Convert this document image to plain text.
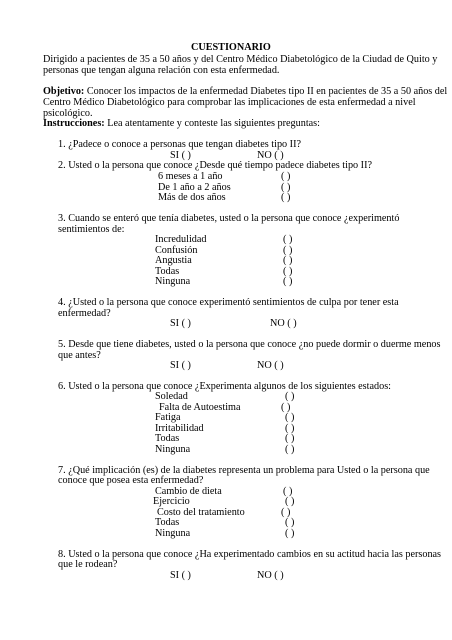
CUESTIONARIO
Dirigido a pacientes de 35 a 50 años y del Centro Médico Diabetológico de la Ciudad de Quito y
personas que tengan alguna relación con esta enfermedad.
Objetivo: Conocer los impactos de la enfermedad Diabetes tipo II en pacientes de 35 a 50 años del
Centro Médico Diabetológico para comprobar las implicaciones de esta enfermedad a nivel
psicológico.
Instrucciones: Lea atentamente y conteste las siguientes preguntas:
1. ¿Padece o conoce a personas que tengan diabetes tipo II?
SI ( )	NO ( )
2. Usted o la persona que conoce ¿Desde qué tiempo padece diabetes tipo II?
6 meses a 1 año	( )
De 1 año a 2 años	( )
Más de dos años	( )
3. Cuando se enteró que tenía diabetes, usted o la persona que conoce ¿experimentó
sentimientos de:
Incredulidad	( )
Confusión	( )
Angustia	( )
Todas	( )
Ninguna	( )
4. ¿Usted o la persona que conoce experimentó sentimientos de culpa por tener esta
enfermedad?
SI ( )	NO ( )
5. Desde que tiene diabetes, usted o la persona que conoce ¿no puede dormir o duerme menos
que antes?
SI ( )	NO ( )
6. Usted o la persona que conoce ¿Experimenta algunos de los siguientes estados:
Soledad	( )
Falta de Autoestima	( )
Fatiga	( )
Irritabilidad	( )
Todas	( )
Ninguna	( )
7. ¿Qué implicación (es) de la diabetes representa un problema para Usted o la persona que
conoce que posea esta enfermedad?
Cambio de dieta	( )
Ejercicio	( )
Costo del tratamiento	( )
Todas	( )
Ninguna	( )
8. Usted o la persona que conoce ¿Ha experimentado cambios en su actitud hacia las personas
que le rodean?
SI ( )	NO ( )
